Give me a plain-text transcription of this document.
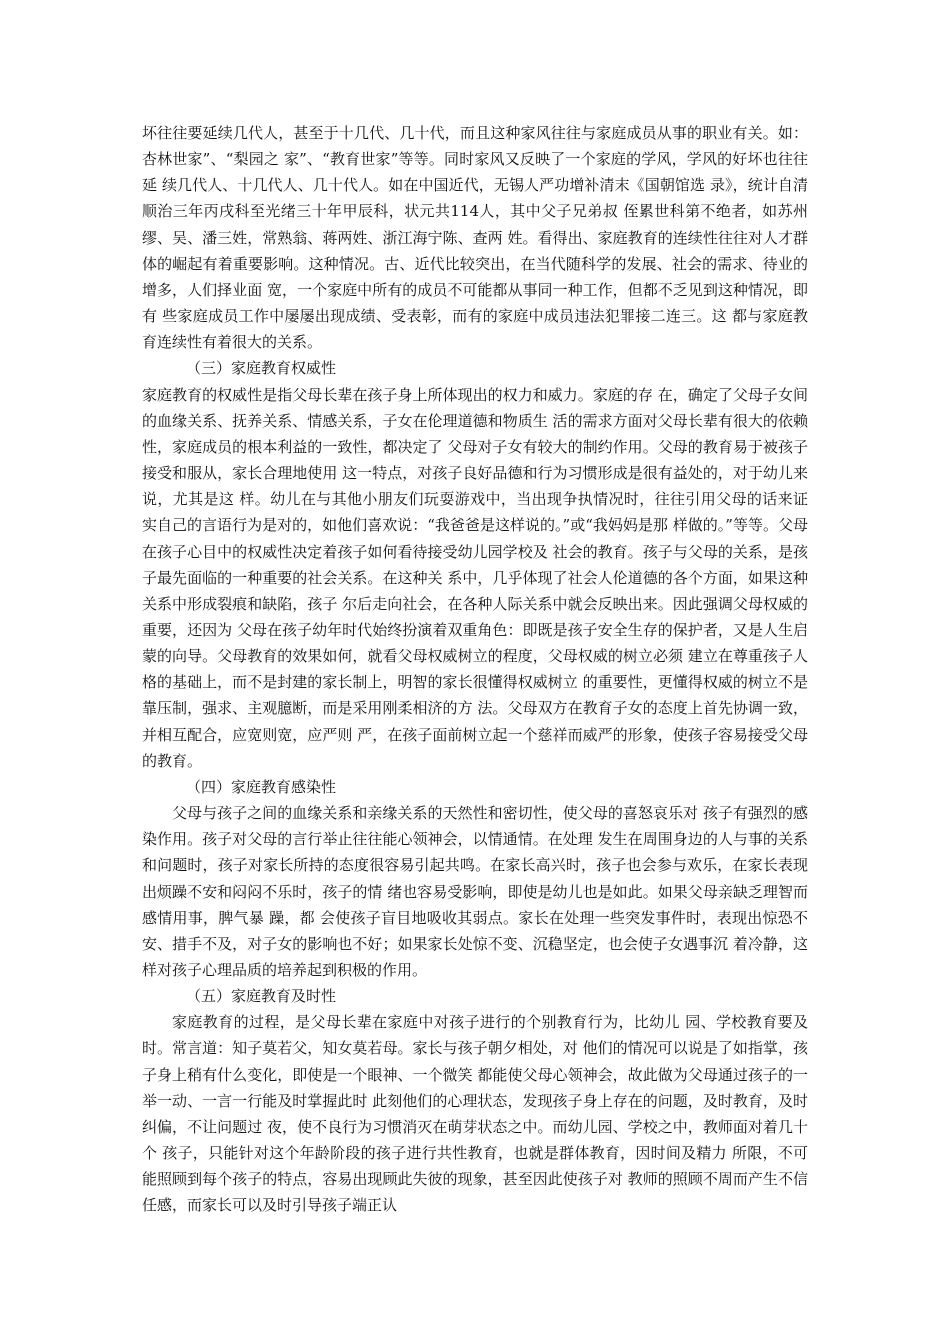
坏往往要延续几代人，甚至于十几代、几十代，而且这种家风往往与家庭成员从事的职业有关。如：杏林世家”、“梨园之 家”、“教育世家”等等。同时家风又反映了一个家庭的学风，学风的好坏也往往延 续几代人、十几代人、几十代人。如在中国近代，无锡人严功增补清末《国朝馆选 录》，统计自清顺治三年丙戌科至光绪三十年甲辰科，状元共114人，其中父子兄弟叔 侄累世科第不绝者，如苏州缪、吴、潘三姓，常熟翁、蒋两姓、浙江海宁陈、查两 姓。看得出、家庭教育的连续性往往对人才群体的崛起有着重要影响。这种情况。古、近代比较突出，在当代随科学的发展、社会的需求、待业的增多，人们择业面 宽，一个家庭中所有的成员不可能都从事同一种工作，但都不乏见到这种情况，即有 些家庭成员工作中屡屡出现成绩、受表彰，而有的家庭中成员违法犯罪接二连三。这 都与家庭教育连续性有着很大的关系。

（三）家庭教育权威性

家庭教育的权威性是指父母长辈在孩子身上所体现出的权力和威力。家庭的存 在，确定了父母子女间的血缘关系、抚养关系、情感关系，子女在伦理道德和物质生 活的需求方面对父母长辈有很大的依赖性，家庭成员的根本利益的一致性，都决定了 父母对子女有较大的制约作用。父母的教育易于被孩子接受和服从，家长合理地使用 这一特点，对孩子良好品德和行为习惯形成是很有益处的，对于幼儿来说，尤其是这 样。幼儿在与其他小朋友们玩耍游戏中，当出现争执情况时，往往引用父母的话来证 实自己的言语行为是对的，如他们喜欢说：“我爸爸是这样说的。”或“我妈妈是那 样做的。”等等。父母在孩子心目中的权威性决定着孩子如何看待接受幼儿园学校及 社会的教育。孩子与父母的关系，是孩子最先面临的一种重要的社会关系。在这种关 系中，几乎体现了社会人伦道德的各个方面，如果这种关系中形成裂痕和缺陷，孩子 尔后走向社会，在各种人际关系中就会反映出来。因此强调父母权威的重要，还因为 父母在孩子幼年时代始终扮演着双重角色：即既是孩子安全生存的保护者，又是人生启蒙的向导。父母教育的效果如何，就看父母权威树立的程度，父母权威的树立必须 建立在尊重孩子人格的基础上，而不是封建的家长制上，明智的家长很懂得权威树立 的重要性，更懂得权威的树立不是靠压制，强求、主观臆断，而是采用刚柔相济的方 法。父母双方在教育子女的态度上首先协调一致，并相互配合，应宽则宽，应严则 严，在孩子面前树立起一个慈祥而威严的形象，使孩子容易接受父母的教育。

（四）家庭教育感染性

父母与孩子之间的血缘关系和亲缘关系的天然性和密切性，使父母的喜怒哀乐对 孩子有强烈的感染作用。孩子对父母的言行举止往往能心领神会，以情通情。在处理 发生在周围身边的人与事的关系和问题时，孩子对家长所持的态度很容易引起共鸣。在家长高兴时，孩子也会参与欢乐，在家长表现出烦躁不安和闷闷不乐时，孩子的情 绪也容易受影响，即使是幼儿也是如此。如果父母亲缺乏理智而感情用事，脾气暴 躁，都 会使孩子盲目地吸收其弱点。家长在处理一些突发事件时，表现出惊恐不安、措手不及，对子女的影响也不好；如果家长处惊不变、沉稳坚定，也会使子女遇事沉 着冷静，这样对孩子心理品质的培养起到积极的作用。

（五）家庭教育及时性

家庭教育的过程，是父母长辈在家庭中对孩子进行的个别教育行为，比幼儿 园、学校教育要及时。常言道：知子莫若父，知女莫若母。家长与孩子朝夕相处，对 他们的情况可以说是了如指掌，孩子身上稍有什么变化，即使是一个眼神、一个微笑 都能使父母心领神会，故此做为父母通过孩子的一举一动、一言一行能及时掌握此时 此刻他们的心理状态，发现孩子身上存在的问题，及时教育，及时纠偏，不让问题过 夜，使不良行为习惯消灭在萌芽状态之中。而幼儿园、学校之中，教师面对着几十个 孩子，只能针对这个年龄阶段的孩子进行共性教育，也就是群体教育，因时间及精力 所限，不可能照顾到每个孩子的特点，容易出现顾此失彼的现象，甚至因此使孩子对 教师的照顾不周而产生不信任感，而家长可以及时引导孩子端正认
